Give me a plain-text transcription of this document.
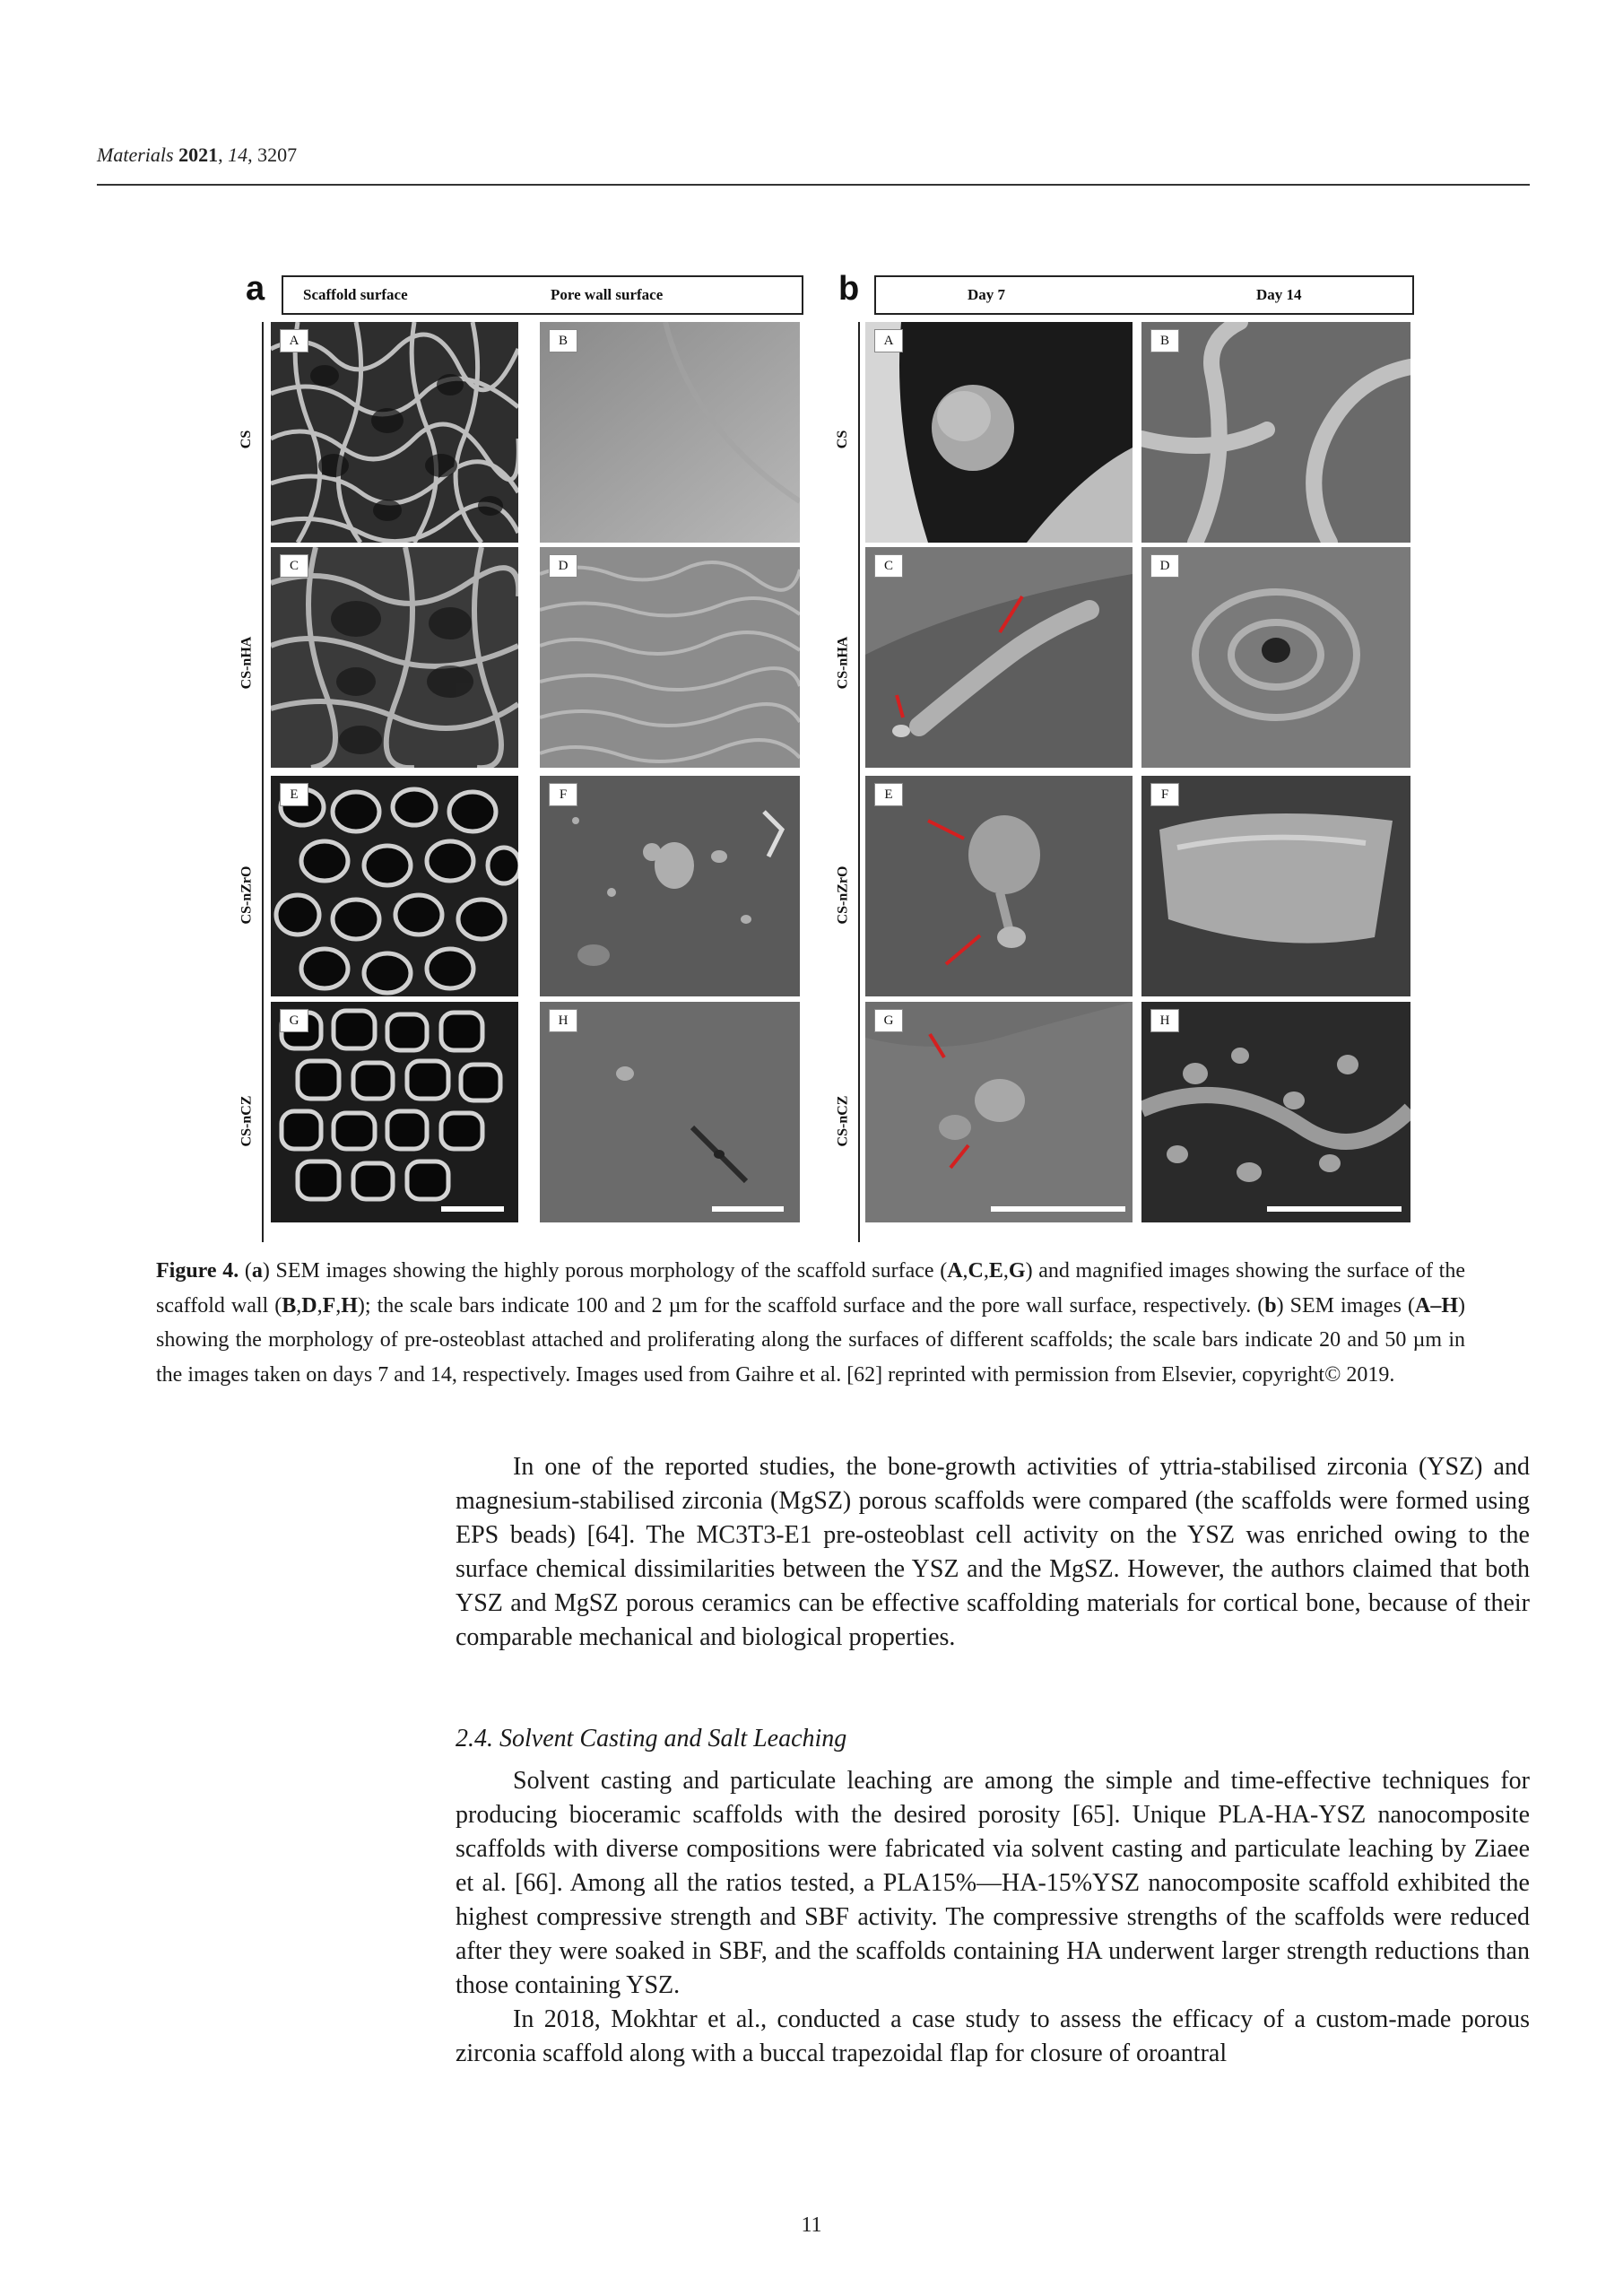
Materials 2021, 14, 3207
a	Scaffold surface	Pore wall surface
CS
CS-nHA
CS-nZrO
CS-nCZ
A	B
C	D
E	F
G	H
b	Day 7	Day 14
CS
CS-nHA
CS-nZrO
CS-nCZ
A	B
C	D
E	F
G	H
Figure 4. (a) SEM images showing the highly porous morphology of the scaffold surface (A,C,E,G) and magnified images showing the surface of the scaffold wall (B,D,F,H); the scale bars indicate 100 and 2 µm for the scaffold surface and the pore wall surface, respectively. (b) SEM images (A–H) showing the morphology of pre-osteoblast attached and proliferating along the surfaces of different scaffolds; the scale bars indicate 20 and 50 µm in the images taken on days 7 and 14, respectively. Images used from Gaihre et al. [62] reprinted with permission from Elsevier, copyright© 2019.

In one of the reported studies, the bone-growth activities of yttria-stabilised zirconia (YSZ) and magnesium-stabilised zirconia (MgSZ) porous scaffolds were compared (the scaffolds were formed using EPS beads) [64]. The MC3T3-E1 pre-osteoblast cell activity on the YSZ was enriched owing to the surface chemical dissimilarities between the YSZ and the MgSZ. However, the authors claimed that both YSZ and MgSZ porous ceramics can be effective scaffolding materials for cortical bone, because of their comparable mechanical and biological properties.

2.4. Solvent Casting and Salt Leaching

Solvent casting and particulate leaching are among the simple and time-effective techniques for producing bioceramic scaffolds with the desired porosity [65]. Unique PLA-HA-YSZ nanocomposite scaffolds with diverse compositions were fabricated via solvent casting and particulate leaching by Ziaee et al. [66]. Among all the ratios tested, a PLA15%—HA-15%YSZ nanocomposite scaffold exhibited the highest compressive strength and SBF activity. The compressive strengths of the scaffolds were reduced after they were soaked in SBF, and the scaffolds containing HA underwent larger strength reductions than those containing YSZ.

In 2018, Mokhtar et al., conducted a case study to assess the efficacy of a custom-made porous zirconia scaffold along with a buccal trapezoidal flap for closure of oroantral

11
